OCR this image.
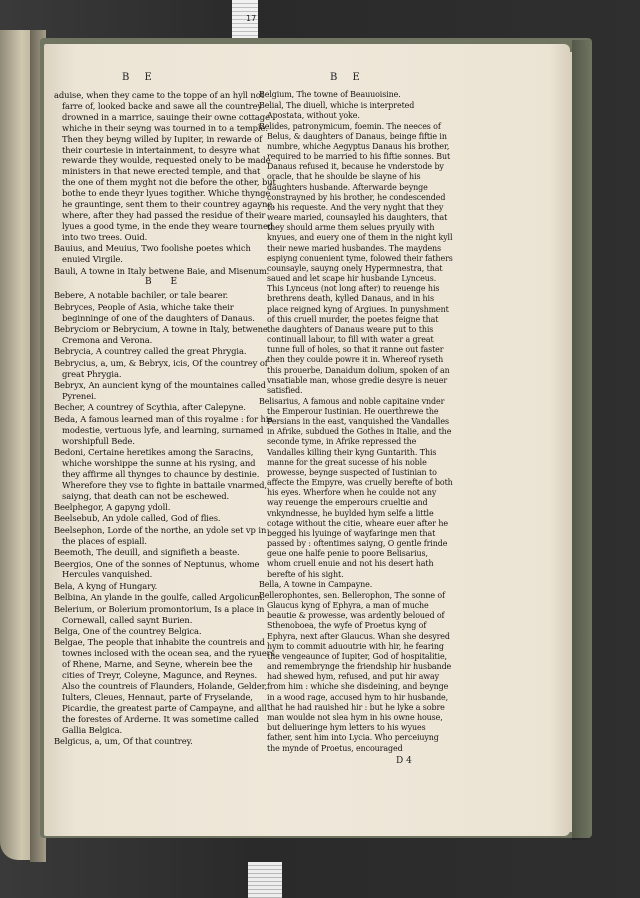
17
B E	B E
aduise, when they came to the toppe of an hyll not farre of, looked backe and sawe all the countrey drowned in a marrice, sauinge their owne cottage : whiche in their seyng was tourned in to a temple. Then they beyng willed by Iupiter, in rewarde of their courtesie in intertainment, to desyre what rewarde they woulde, requested onely to be made ministers in that newe erected temple, and that the one of them myght not die before the other, but bothe to ende theyr lyues togither. Whiche thynge he grauntinge, sent them to their countrey agayne, where, after they had passed the residue of their lyues a good tyme, in the ende they weare tourned into two trees. Ouid.
Bauius, and Meuius, Two foolishe poetes which enuied Virgile.
Bauli, A towne in Italy betwene Baie, and Misenum.
B E
Bebere, A notable bachiler, or tale bearer.
Bebryces, People of Asia, whiche take their beginninge of one of the daughters of Danaus.
Bebryciom or Bebrycium, A towne in Italy, betwene Cremona and Verona.
Bebrycia, A countrey called the great Phrygia.
Bebrycius, a, um, & Bebryx, icis, Of the countrey of great Phrygia.
Bebryx, An auncient kyng of the mountaines called Pyrenei.
Becher, A countrey of Scythia, after Calepyne.
Beda, A famous learned man of this royalme : for his modestie, vertuous lyfe, and learning, surnamed worshipfull Bede.
Bedoni, Certaine heretikes among the Saracins, whiche worshippe the sunne at his rysing, and they affirme all thynges to chaunce by destinie. Wherefore they vse to fighte in battaile vnarmed, saiyng, that death can not be eschewed.
Beelphegor, A gapyng ydoll.
Beelsebub, An ydole called, God of flies.
Beelsephon, Lorde of the northe, an ydole set vp in the places of espiall.
Beemoth, The deuill, and signifieth a beaste.
Beergios, One of the sonnes of Neptunus, whome Hercules vanquished.
Bela, A kyng of Hungary.
Belbina, An ylande in the goulfe, called Argolicum.
Belerium, or Bolerium promontorium, Is a place in Cornewall, called saynt Burien.
Belga, One of the countrey Belgica.
Belgae, The people that inhabite the countreis and townes inclosed with the ocean sea, and the ryuers of Rhene, Marne, and Seyne, wherein bee the cities of Treyr, Coleyne, Magunce, and Reynes. Also the countreis of Flaunders, Holande, Gelder, Iulters, Cleues, Hennaut, parte of Fryselande, Picardie, the greatest parte of Campayne, and all the forestes of Arderne. It was sometime called Gallia Belgica.
Belgicus, a, um, Of that countrey.
Belgium, The towne of Beauuoisine.
Belial, The diuell, whiche is interpreted Apostata, without yoke.
Belides, patronymicum, foemin. The neeces of Belus, & daughters of Danaus, beinge fiftie in numbre, whiche Aegyptus Danaus his brother, required to be married to his fiftie sonnes. But Danaus refused it, because he vnderstode by oracle, that he shoulde be slayne of his daughters husbande. Afterwarde beynge constrayned by his brother, he condescended to his requeste. And the very nyght that they weare maried, counsayled his daughters, that they should arme them selues pryuily with knyues, and euery one of them in the night kyll their newe maried husbandes. The maydens espiyng conuenient tyme, folowed their fathers counsayle, sauyng onely Hypermnestra, that saued and let scape hir husbande Lynceus. This Lynceus (not long after) to reuenge his brethrens death, kylled Danaus, and in his place reigned kyng of Argiues. In punyshment of this cruell murder, the poetes feigne that the daughters of Danaus weare put to this continuall labour, to fill with water a great tunne full of holes, so that it ranne out faster then they coulde powre it in. Whereof ryseth this prouerbe, Danaidum dolium, spoken of an vnsatiable man, whose gredie desyre is neuer satisfied.
Belisarius, A famous and noble capitaine vnder the Emperour Iustinian. He ouerthrewe the Persians in the east, vanquished the Vandalles in Afrike, subdued the Gothes in Italie, and the seconde tyme, in Afrike repressed the Vandalles killing their kyng Guntarith. This manne for the great sucesse of his noble prowesse, beynge suspected of Iustinian to affecte the Empyre, was cruelly berefte of both his eyes. Wherfore when he coulde not any way reuenge the emperours crueltie and vnkyndnesse, he buylded hym selfe a little cotage without the citie, wheare euer after he begged his lyuinge of wayfaringe men that passed by : oftentimes saiyng, O gentle frinde geue one halfe penie to poore Belisarius, whom cruell enuie and not his desert hath berefte of his sight.
Bella, A towne in Campayne.
Bellerophontes, sen. Bellerophon, The sonne of Glaucus kyng of Ephyra, a man of muche beautie & prowesse, was ardently beloued of Sthenoboea, the wyfe of Proetus kyng of Ephyra, next after Glaucus. Whan she desyred hym to commit aduoutrie with hir, he fearing the vengeaunce of Iupiter, God of hospitalitie, and remembrynge the friendship hir husbande had shewed hym, refused, and put hir away from him : whiche she disdeining, and beynge in a wood rage, accused hym to hir husbande, that he had rauished hir : but he lyke a sobre man woulde not slea hym in his owne house, but deliueringe hym letters to his wyues father, sent him into Lycia. Who perceiuyng the mynde of Proetus, encouraged
D 4
